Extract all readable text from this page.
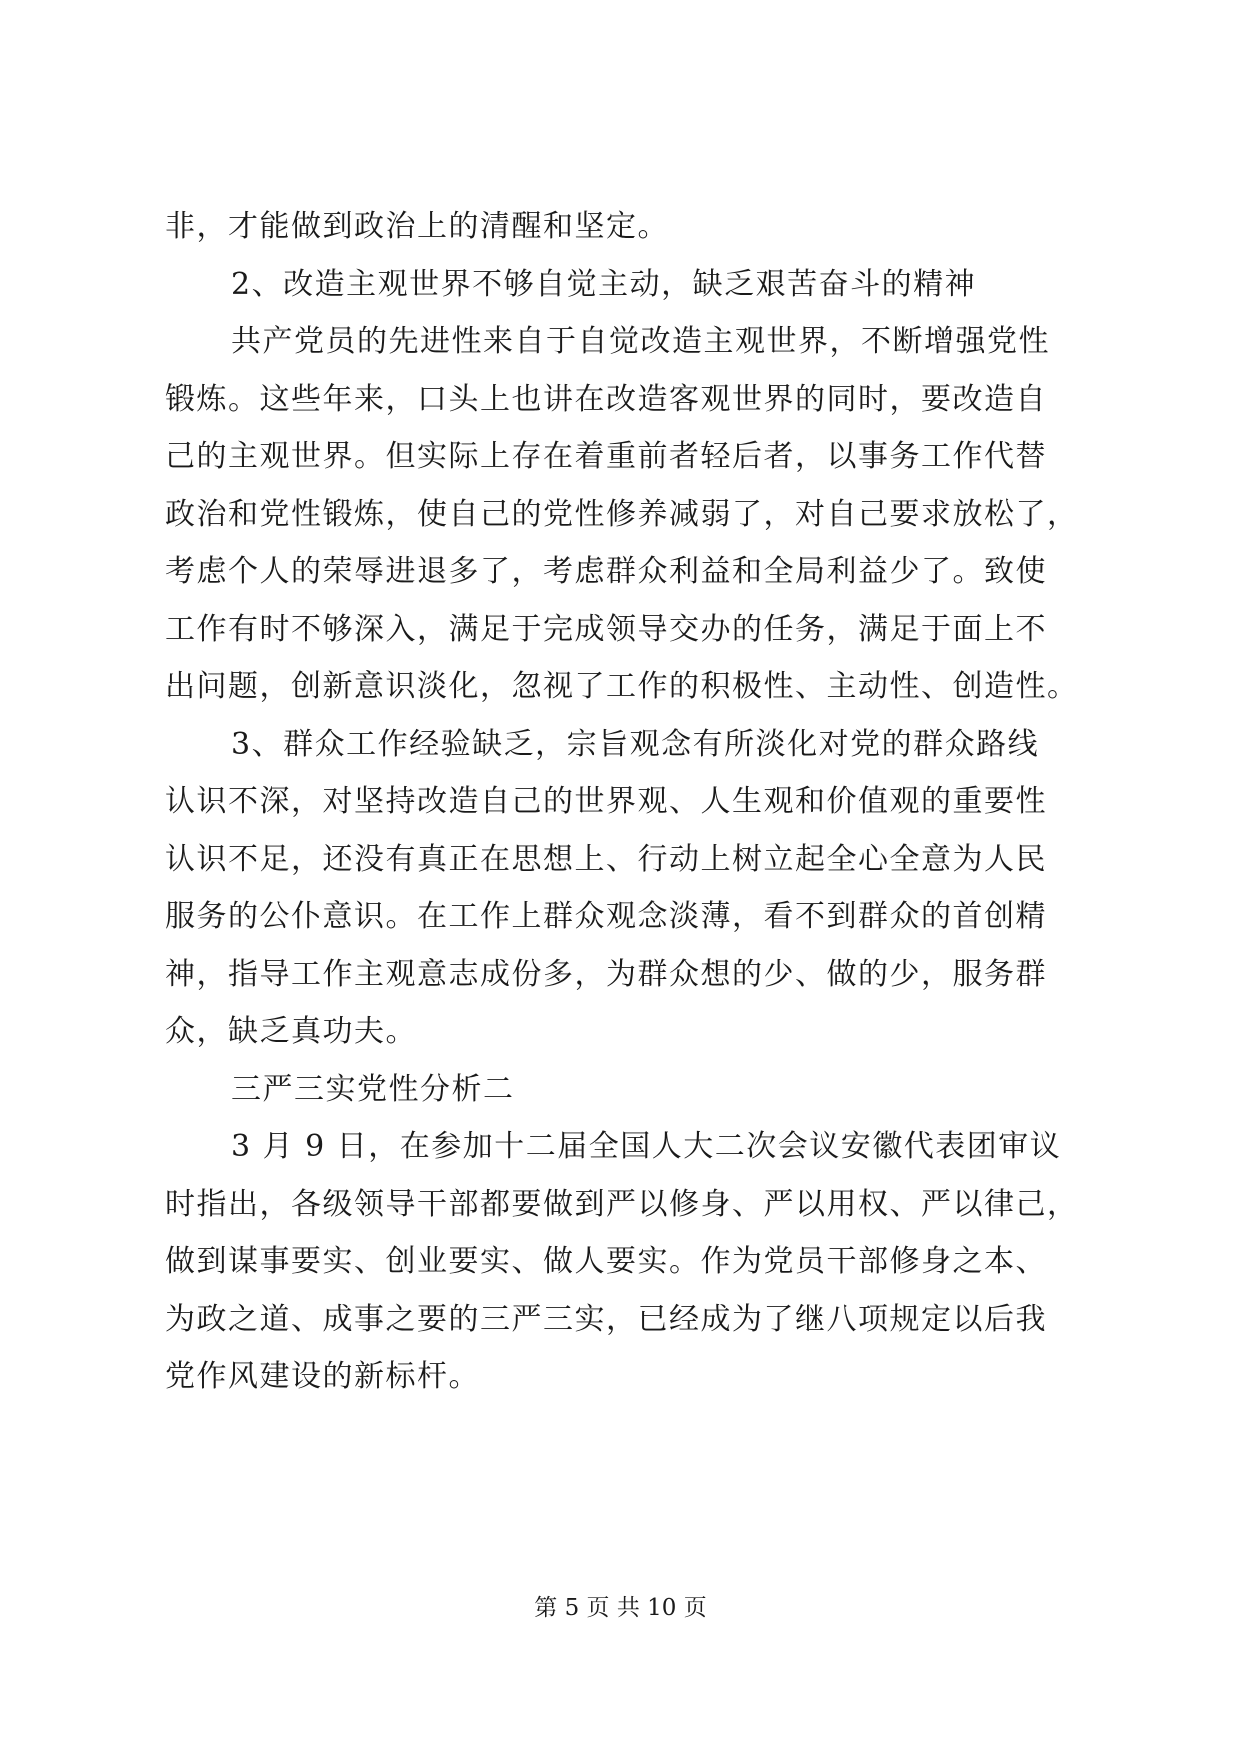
非，才能做到政治上的清醒和坚定。
2、改造主观世界不够自觉主动，缺乏艰苦奋斗的精神
共产党员的先进性来自于自觉改造主观世界，不断增强党性
锻炼。这些年来，口头上也讲在改造客观世界的同时，要改造自
己的主观世界。但实际上存在着重前者轻后者，以事务工作代替
政治和党性锻炼，使自己的党性修养减弱了，对自己要求放松了，
考虑个人的荣辱进退多了，考虑群众利益和全局利益少了。致使
工作有时不够深入，满足于完成领导交办的任务，满足于面上不
出问题，创新意识淡化，忽视了工作的积极性、主动性、创造性。
3、群众工作经验缺乏，宗旨观念有所淡化对党的群众路线
认识不深，对坚持改造自己的世界观、人生观和价值观的重要性
认识不足，还没有真正在思想上、行动上树立起全心全意为人民
服务的公仆意识。在工作上群众观念淡薄，看不到群众的首创精
神，指导工作主观意志成份多，为群众想的少、做的少，服务群
众，缺乏真功夫。
三严三实党性分析二
3 月 9 日，在参加十二届全国人大二次会议安徽代表团审议
时指出，各级领导干部都要做到严以修身、严以用权、严以律己，
做到谋事要实、创业要实、做人要实。作为党员干部修身之本、
为政之道、成事之要的三严三实，已经成为了继八项规定以后我
党作风建设的新标杆。
第 5 页 共 10 页
